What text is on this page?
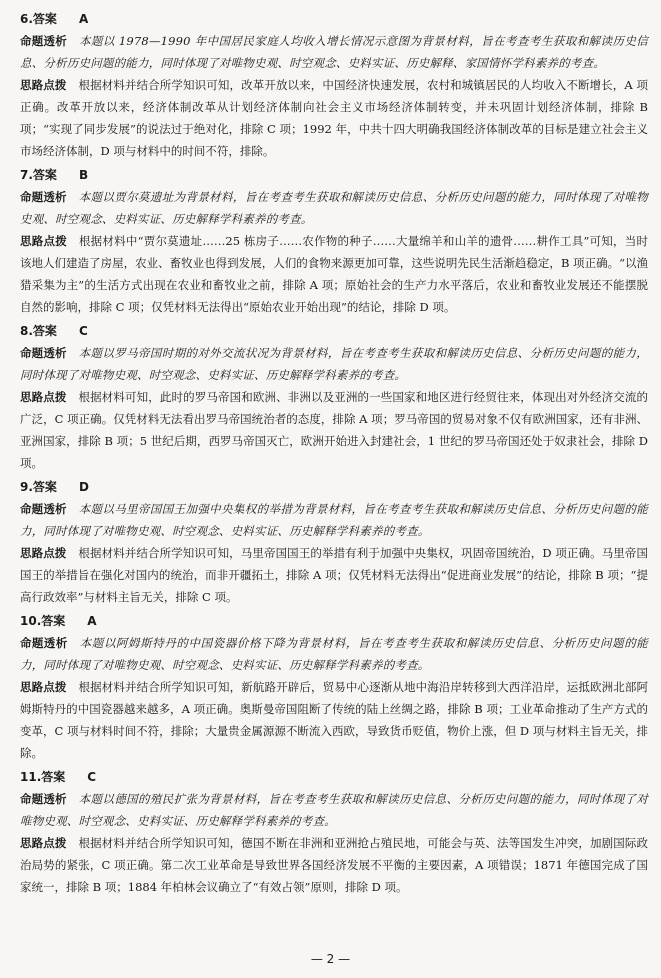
6.答案 A
命题透析 本题以 1978—1990 年中国居民家庭人均收入增长情况示意图为背景材料，旨在考查考生获取和解读历史信息、分析历史问题的能力，同时体现了对唯物史观、时空观念、史料实证、历史解释、家国情怀学科素养的考查。
思路点拨 根据材料并结合所学知识可知，改革开放以来，中国经济快速发展，农村和城镇居民的人均收入不断增长，A 项正确。改革开放以来，经济体制改革从计划经济体制向社会主义市场经济体制转变，并未巩固计划经济体制，排除 B 项；“实现了同步发展”的说法过于绝对化，排除 C 项；1992 年，中共十四大明确我国经济体制改革的目标是建立社会主义市场经济体制，D 项与材料中的时间不符，排除。
7.答案 B
命题透析 本题以贾尔莫遗址为背景材料，旨在考查考生获取和解读历史信息、分析历史问题的能力，同时体现了对唯物史观、时空观念、史料实证、历史解释学科素养的考查。
思路点拨 根据材料中“贾尔莫遗址……25 栋房子……农作物的种子……大量绵羊和山羊的遗骨……耕作工具”可知，当时该地人们建造了房屋，农业、畜牧业也得到发展，人们的食物来源更加可靠，这些说明先民生活渐趋稳定，B 项正确。“以渔猎采集为主”的生活方式出现在农业和畜牧业之前，排除 A 项；原始社会的生产力水平落后，农业和畜牧业发展还不能摆脱自然的影响，排除 C 项；仅凭材料无法得出“原始农业开始出现”的结论，排除 D 项。
8.答案 C
命题透析 本题以罗马帝国时期的对外交流状况为背景材料，旨在考查考生获取和解读历史信息、分析历史问题的能力，同时体现了对唯物史观、时空观念、史料实证、历史解释学科素养的考查。
思路点拨 根据材料可知，此时的罗马帝国和欧洲、非洲以及亚洲的一些国家和地区进行经贸往来，体现出对外经济交流的广泛，C 项正确。仅凭材料无法看出罗马帝国统治者的态度，排除 A 项；罗马帝国的贸易对象不仅有欧洲国家，还有非洲、亚洲国家，排除 B 项；5 世纪后期，西罗马帝国灭亡，欧洲开始进入封建社会，1 世纪的罗马帝国还处于奴隶社会，排除 D 项。
9.答案 D
命题透析 本题以马里帝国国王加强中央集权的举措为背景材料，旨在考查考生获取和解读历史信息、分析历史问题的能力，同时体现了对唯物史观、时空观念、史料实证、历史解释学科素养的考查。
思路点拨 根据材料并结合所学知识可知，马里帝国国王的举措有利于加强中央集权，巩固帝国统治，D 项正确。马里帝国国王的举措旨在强化对国内的统治，而非开疆拓土，排除 A 项；仅凭材料无法得出“促进商业发展”的结论，排除 B 项；“提高行政效率”与材料主旨无关，排除 C 项。
10.答案 A
命题透析 本题以阿姆斯特丹的中国瓷器价格下降为背景材料，旨在考查考生获取和解读历史信息、分析历史问题的能力，同时体现了对唯物史观、时空观念、史料实证、历史解释学科素养的考查。
思路点拨 根据材料并结合所学知识可知，新航路开辟后，贸易中心逐渐从地中海沿岸转移到大西洋沿岸，运抵欧洲北部阿姆斯特丹的中国瓷器越来越多，A 项正确。奥斯曼帝国阻断了传统的陆上丝绸之路，排除 B 项；工业革命推动了生产方式的变革，C 项与材料时间不符，排除；大量贵金属源源不断流入西欧，导致货币贬值，物价上涨，但 D 项与材料主旨无关，排除。
11.答案 C
命题透析 本题以德国的殖民扩张为背景材料，旨在考查考生获取和解读历史信息、分析历史问题的能力，同时体现了对唯物史观、时空观念、史料实证、历史解释学科素养的考查。
思路点拨 根据材料并结合所学知识可知，德国不断在非洲和亚洲抢占殖民地，可能会与英、法等国发生冲突，加剧国际政治局势的紧张，C 项正确。第二次工业革命是导致世界各国经济发展不平衡的主要因素，A 项错误；1871 年德国完成了国家统一，排除 B 项；1884 年柏林会议确立了“有效占领”原则，排除 D 项。
— 2 —
